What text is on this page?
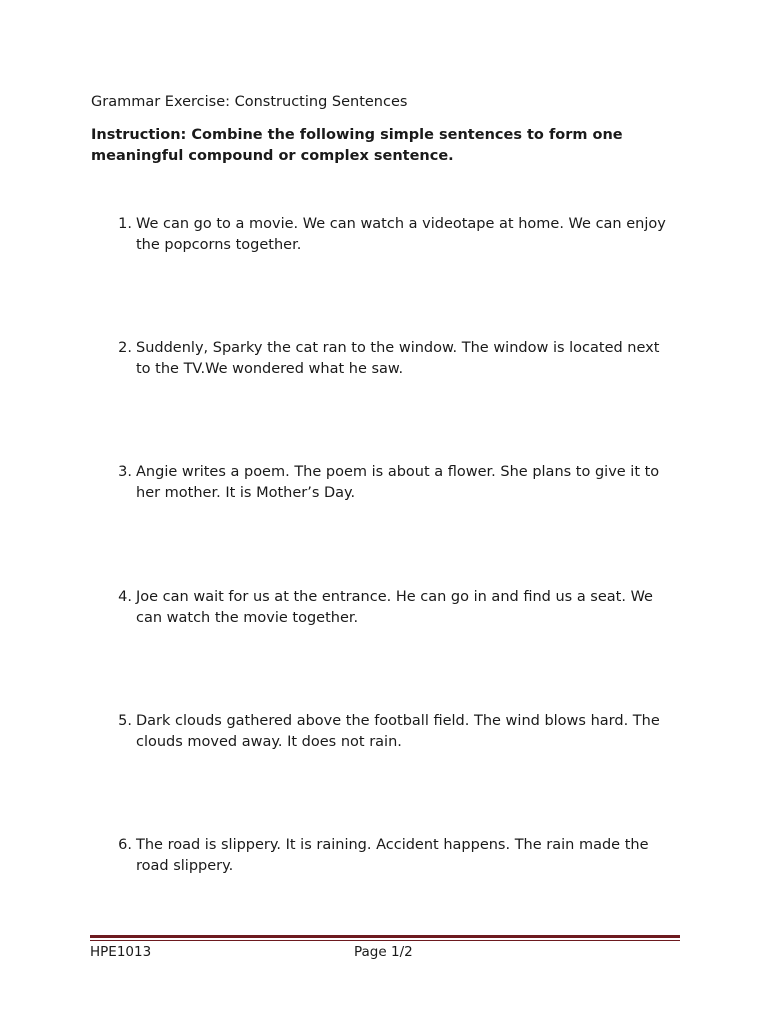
Grammar Exercise: Constructing Sentences

Instruction: Combine the following simple sentences to form one meaningful compound or complex sentence.

1. We can go to a movie. We can watch a videotape at home. We can enjoy the popcorns together.
2. Suddenly, Sparky the cat ran to the window. The window is located next to the TV.We wondered what he saw.
3. Angie writes a poem. The poem is about a flower. She plans to give it to her mother. It is Mother’s Day.
4. Joe can wait for us at the entrance. He can go in and find us a seat. We can watch the movie together.
5. Dark clouds gathered above the football field. The wind blows hard. The clouds moved away. It does not rain.
6. The road is slippery. It is raining. Accident happens. The rain made the road slippery.
HPE1013	Page 1/2
